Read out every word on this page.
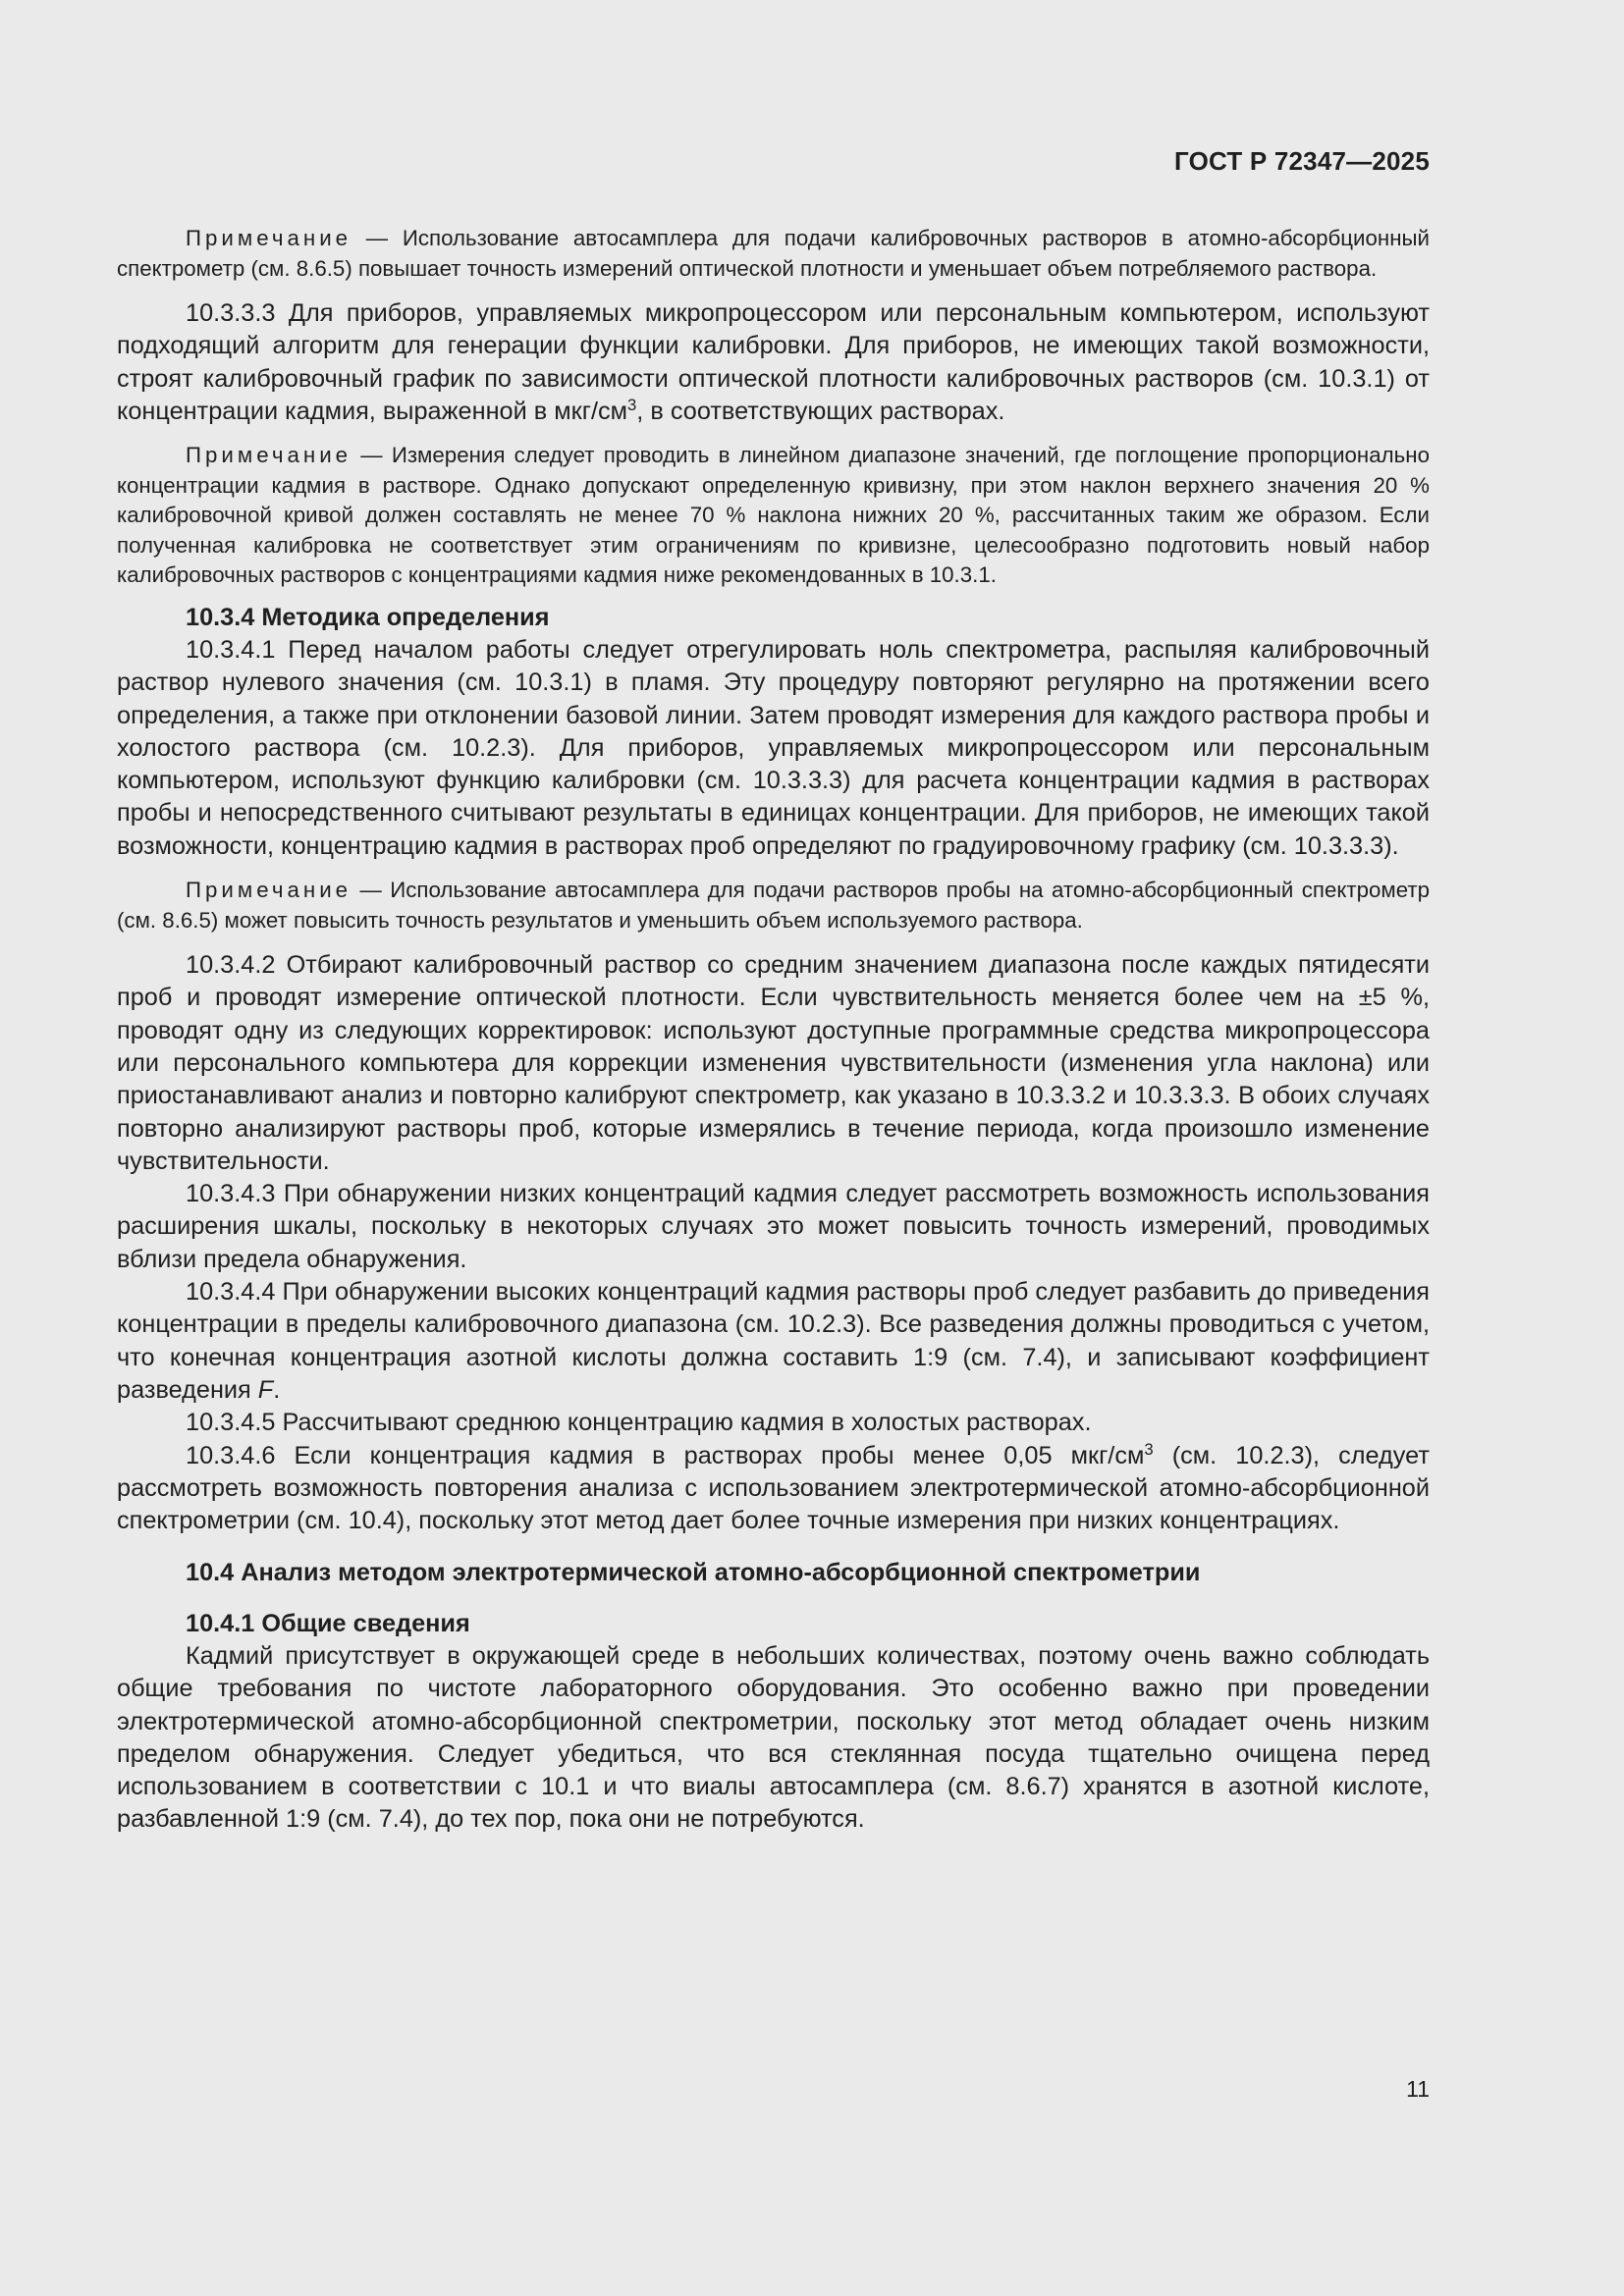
ГОСТ Р 72347—2025

Примечание — Использование автосамплера для подачи калибровочных растворов в атомно-абсорбционный спектрометр (см. 8.6.5) повышает точность измерений оптической плотности и уменьшает объем потребляемого раствора.

10.3.3.3 Для приборов, управляемых микропроцессором или персональным компьютером, используют подходящий алгоритм для генерации функции калибровки. Для приборов, не имеющих такой возможности, строят калибровочный график по зависимости оптической плотности калибровочных растворов (см. 10.3.1) от концентрации кадмия, выраженной в мкг/$см^3$, в соответствующих растворах.

Примечание — Измерения следует проводить в линейном диапазоне значений, где поглощение пропорционально концентрации кадмия в растворе. Однако допускают определенную кривизну, при этом наклон верхнего значения 20 % калибровочной кривой должен составлять не менее 70 % наклона нижних 20 %, рассчитанных таким же образом. Если полученная калибровка не соответствует этим ограничениям по кривизне, целесообразно подготовить новый набор калибровочных растворов с концентрациями кадмия ниже рекомендованных в 10.3.1.

10.3.4 Методика определения

10.3.4.1 Перед началом работы следует отрегулировать ноль спектрометра, распыляя калибровочный раствор нулевого значения (см. 10.3.1) в пламя. Эту процедуру повторяют регулярно на протяжении всего определения, а также при отклонении базовой линии. Затем проводят измерения для каждого раствора пробы и холостого раствора (см. 10.2.3). Для приборов, управляемых микропроцессором или персональным компьютером, используют функцию калибровки (см. 10.3.3.3) для расчета концентрации кадмия в растворах пробы и непосредственного считывают результаты в единицах концентрации. Для приборов, не имеющих такой возможности, концентрацию кадмия в растворах проб определяют по градуировочному графику (см. 10.3.3.3).

Примечание — Использование автосамплера для подачи растворов пробы на атомно-абсорбционный спектрометр (см. 8.6.5) может повысить точность результатов и уменьшить объем используемого раствора.

10.3.4.2 Отбирают калибровочный раствор со средним значением диапазона после каждых пятидесяти проб и проводят измерение оптической плотности. Если чувствительность меняется более чем на ±5 %, проводят одну из следующих корректировок: используют доступные программные средства микропроцессора или персонального компьютера для коррекции изменения чувствительности (изменения угла наклона) или приостанавливают анализ и повторно калибруют спектрометр, как указано в 10.3.3.2 и 10.3.3.3. В обоих случаях повторно анализируют растворы проб, которые измерялись в течение периода, когда произошло изменение чувствительности.

10.3.4.3 При обнаружении низких концентраций кадмия следует рассмотреть возможность использования расширения шкалы, поскольку в некоторых случаях это может повысить точность измерений, проводимых вблизи предела обнаружения.

10.3.4.4 При обнаружении высоких концентраций кадмия растворы проб следует разбавить до приведения концентрации в пределы калибровочного диапазона (см. 10.2.3). Все разведения должны проводиться с учетом, что конечная концентрация азотной кислоты должна составить 1:9 (см. 7.4), и записывают коэффициент разведения F.

10.3.4.5 Рассчитывают среднюю концентрацию кадмия в холостых растворах.

10.3.4.6 Если концентрация кадмия в растворах пробы менее 0,05 мкг/$см^3$ (см. 10.2.3), следует рассмотреть возможность повторения анализа с использованием электротермической атомно-абсорбционной спектрометрии (см. 10.4), поскольку этот метод дает более точные измерения при низких концентрациях.

10.4 Анализ методом электротермической атомно-абсорбционной спектрометрии

10.4.1 Общие сведения

Кадмий присутствует в окружающей среде в небольших количествах, поэтому очень важно соблюдать общие требования по чистоте лабораторного оборудования. Это особенно важно при проведении электротермической атомно-абсорбционной спектрометрии, поскольку этот метод обладает очень низким пределом обнаружения. Следует убедиться, что вся стеклянная посуда тщательно очищена перед использованием в соответствии с 10.1 и что виалы автосамплера (см. 8.6.7) хранятся в азотной кислоте, разбавленной 1:9 (см. 7.4), до тех пор, пока они не потребуются.

11
